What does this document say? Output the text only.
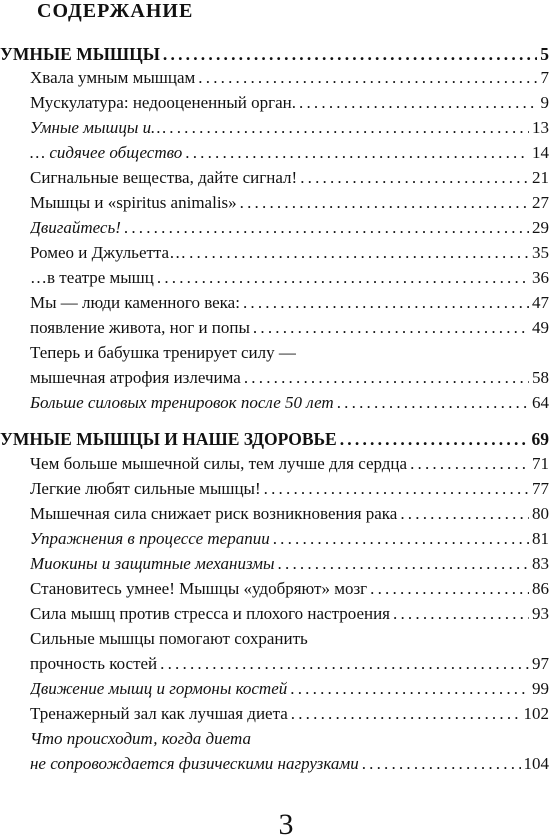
СОДЕРЖАНИЕ
УМНЫЕ МЫШЦЫ .....	5
Хвала умным мышцам .....	7
Мускулатура: недооцененный орган. .....	9
Умные мышцы и… .....	13
… сидячее общество .....	14
Сигнальные вещества, дайте сигнал! .....	21
Мышцы и «spiritus animalis» .....	27
Двигайтесь! .....	29
Ромео и Джульетта… .....	35
…в театре мышц .....	36
Мы — люди каменного века: .....	47
появление живота, ног и попы .....	49
Теперь и бабушка тренирует силу —
мышечная атрофия излечима .....	58
Больше силовых тренировок после 50 лет .....	64
УМНЫЕ МЫШЦЫ И НАШЕ ЗДОРОВЬЕ .....	69
Чем больше мышечной силы, тем лучше для сердца .....	71
Легкие любят сильные мышцы! .....	77
Мышечная сила снижает риск возникновения рака .....	80
Упражнения в процессе терапии .....	81
Миокины и защитные механизмы .....	83
Становитесь умнее! Мышцы «удобряют» мозг .....	86
Сила мышц против стресса и плохого настроения .....	93
Сильные мышцы помогают сохранить
прочность костей .....	97
Движение мышц и гормоны костей .....	99
Тренажерный зал как лучшая диета .....	102
Что происходит, когда диета
не сопровождается физическими нагрузками .....	104
3
